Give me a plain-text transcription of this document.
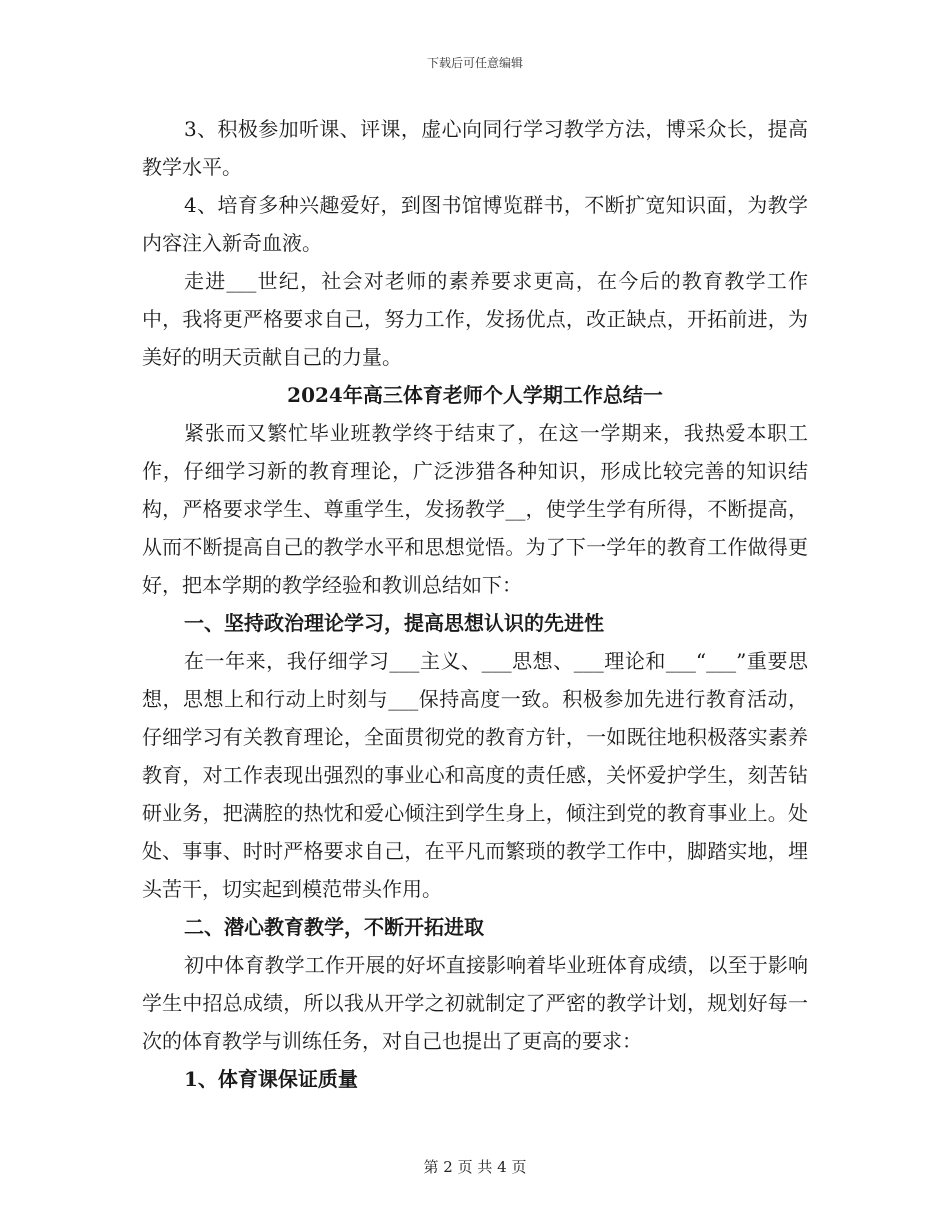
下载后可任意编辑

3、积极参加听课、评课，虚心向同行学习教学方法，博采众长，提高教学水平。

4、培育多种兴趣爱好，到图书馆博览群书，不断扩宽知识面，为教学内容注入新奇血液。

走进___世纪，社会对老师的素养要求更高，在今后的教育教学工作中，我将更严格要求自己，努力工作，发扬优点，改正缺点，开拓前进，为美好的明天贡献自己的力量。

2024年高三体育老师个人学期工作总结一

紧张而又繁忙毕业班教学终于结束了，在这一学期来，我热爱本职工作，仔细学习新的教育理论，广泛涉猎各种知识，形成比较完善的知识结构，严格要求学生、尊重学生，发扬教学__，使学生学有所得，不断提高，从而不断提高自己的教学水平和思想觉悟。为了下一学年的教育工作做得更好，把本学期的教学经验和教训总结如下：

一、坚持政治理论学习，提高思想认识的先进性

在一年来，我仔细学习___主义、___思想、___理论和___“___”重要思想，思想上和行动上时刻与___保持高度一致。积极参加先进行教育活动，仔细学习有关教育理论，全面贯彻党的教育方针，一如既往地积极落实素养教育，对工作表现出强烈的事业心和高度的责任感，关怀爱护学生，刻苦钻研业务，把满腔的热忱和爱心倾注到学生身上，倾注到党的教育事业上。处处、事事、时时严格要求自己，在平凡而繁琐的教学工作中，脚踏实地，埋头苦干，切实起到模范带头作用。

二、潜心教育教学，不断开拓进取

初中体育教学工作开展的好坏直接影响着毕业班体育成绩，以至于影响学生中招总成绩，所以我从开学之初就制定了严密的教学计划，规划好每一次的体育教学与训练任务，对自己也提出了更高的要求：

1、体育课保证质量

第 2 页 共 4 页
